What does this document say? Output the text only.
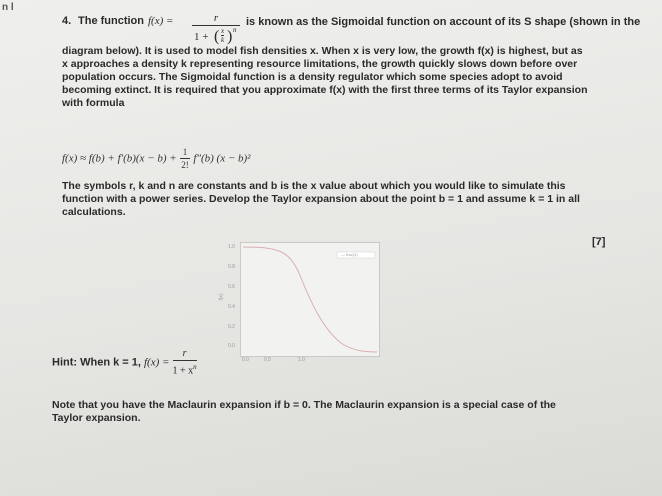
n l
4. The function f(x) =	r
1 + ( x
k ) n
is known as the Sigmoidal function on account of its S shape (shown in the
diagram below). It is used to model fish densities x. When x is very low, the growth f(x) is highest, but as
x approaches a density k representing resource limitations, the growth quickly slows down before over
population occurs. The Sigmoidal function is a density regulator which some species adopt to avoid
becoming extinct. It is required that you approximate f(x) with the first three terms of its Taylor expansion
with formula
$f(x) \approx f(b) + f'(b)(x - b) + \frac{1}{2!} f''(b) (x - b)^2$
The symbols r, k and n are constants and b is the x value about which you would like to simulate this
function with a power series. Develop the Taylor expansion about the point b = 1 and assume k = 1 in all
calculations.
[7]
— frac(1)
1.0
0.8
0.6
0.4
0.2
0.0
f(x)
0.0	0.5	1.0
Hint: When k = 1, $f(x) = \frac{r}{1 + x^n}$
Note that you have the Maclaurin expansion if b = 0. The Maclaurin expansion is a special case of the
Taylor expansion.
